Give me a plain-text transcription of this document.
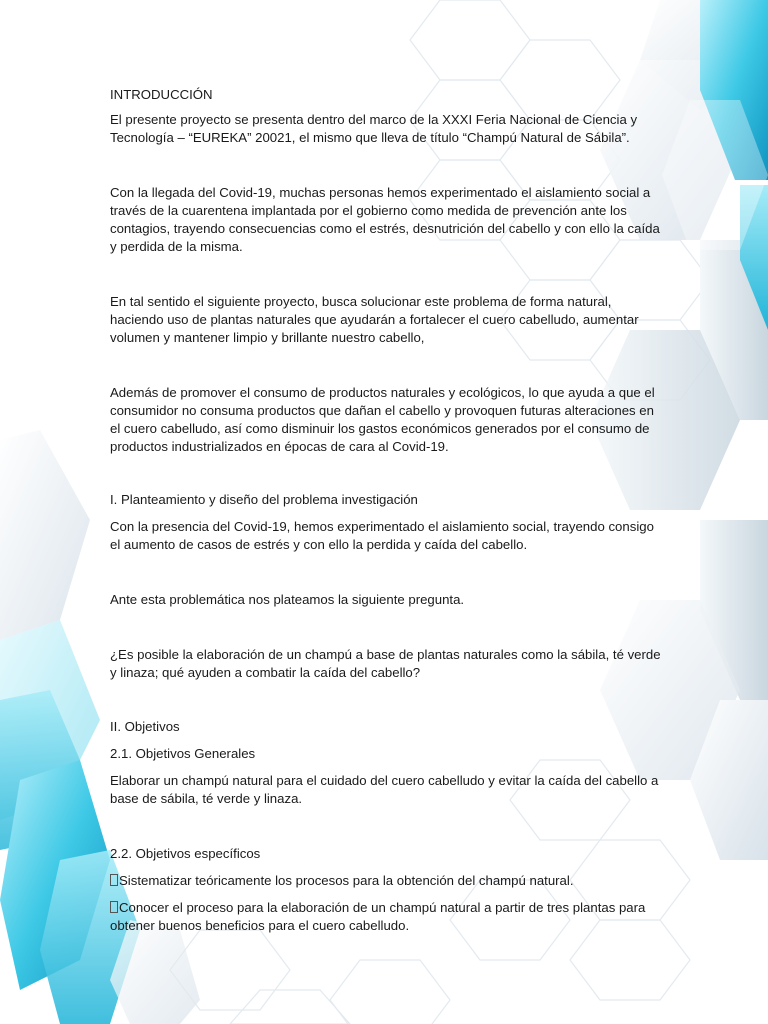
INTRODUCCIÓN

El presente proyecto se presenta dentro del marco de la XXXI Feria Nacional de Ciencia y Tecnología – “EUREKA” 20021, el mismo que lleva de título “Champú Natural de Sábila”.

Con la llegada del Covid-19, muchas personas hemos experimentado el aislamiento social a través de la cuarentena implantada por el gobierno como medida de prevención ante los contagios, trayendo consecuencias como el estrés, desnutrición del cabello y con ello la caída y perdida de la misma.

En tal sentido el siguiente proyecto, busca solucionar este problema de forma natural, haciendo uso de plantas naturales que ayudarán a fortalecer el cuero cabelludo, aumentar volumen y mantener limpio y brillante nuestro cabello,

Además de promover el consumo de productos naturales y ecológicos, lo que ayuda a que el consumidor no consuma productos que dañan el cabello y provoquen futuras alteraciones en el cuero cabelludo, así como disminuir los gastos económicos generados por el consumo de productos industrializados en épocas de cara al Covid-19.

I. Planteamiento y diseño del problema investigación

Con la presencia del Covid-19, hemos experimentado el aislamiento social, trayendo consigo el aumento de casos de estrés y con ello la perdida y caída del cabello.

Ante esta problemática nos plateamos la siguiente pregunta.

¿Es posible la elaboración de un champú a base de plantas naturales como la sábila, té verde y linaza; qué ayuden a combatir la caída del cabello?

II. Objetivos

2.1. Objetivos Generales

Elaborar un champú natural para el cuidado del cuero cabelludo y evitar la caída del cabello a base de sábila, té verde y linaza.

2.2. Objetivos específicos

Sistematizar teóricamente los procesos para la obtención del champú natural.

Conocer el proceso para la elaboración de un champú natural a partir de tres plantas para obtener buenos beneficios para el cuero cabelludo.
